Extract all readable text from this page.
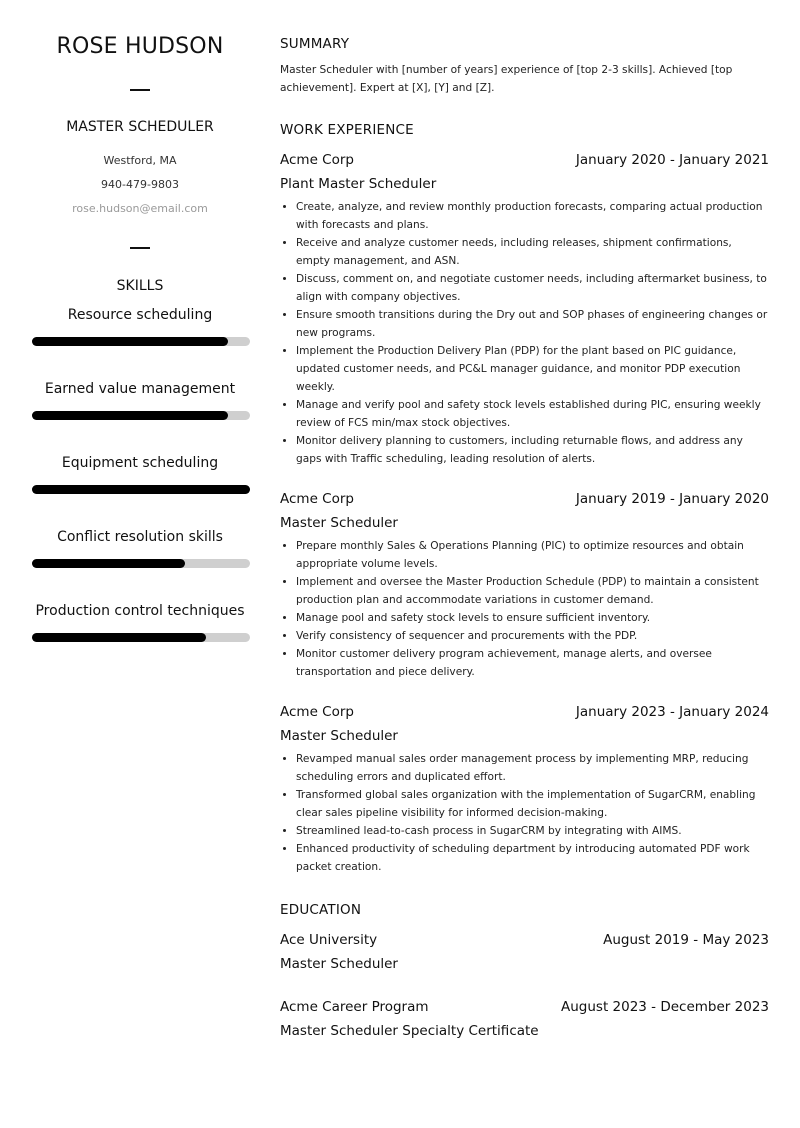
ROSE HUDSON
MASTER SCHEDULER
Westford, MA
940-479-9803
rose.hudson@email.com
SKILLS
Resource scheduling
Earned value management
Equipment scheduling
Conflict resolution skills
Production control techniques
SUMMARY
Master Scheduler with [number of years] experience of [top 2-3 skills]. Achieved [top achievement]. Expert at [X], [Y] and [Z].
WORK EXPERIENCE
Acme Corp	January 2020 - January 2021
Plant Master Scheduler
• Create, analyze, and review monthly production forecasts, comparing actual production with forecasts and plans.
• Receive and analyze customer needs, including releases, shipment confirmations, empty management, and ASN.
• Discuss, comment on, and negotiate customer needs, including aftermarket business, to align with company objectives.
• Ensure smooth transitions during the Dry out and SOP phases of engineering changes or new programs.
• Implement the Production Delivery Plan (PDP) for the plant based on PIC guidance, updated customer needs, and PC&L manager guidance, and monitor PDP execution weekly.
• Manage and verify pool and safety stock levels established during PIC, ensuring weekly review of FCS min/max stock objectives.
• Monitor delivery planning to customers, including returnable flows, and address any gaps with Traffic scheduling, leading resolution of alerts.
Acme Corp	January 2019 - January 2020
Master Scheduler
• Prepare monthly Sales & Operations Planning (PIC) to optimize resources and obtain appropriate volume levels.
• Implement and oversee the Master Production Schedule (PDP) to maintain a consistent production plan and accommodate variations in customer demand.
• Manage pool and safety stock levels to ensure sufficient inventory.
• Verify consistency of sequencer and procurements with the PDP.
• Monitor customer delivery program achievement, manage alerts, and oversee transportation and piece delivery.
Acme Corp	January 2023 - January 2024
Master Scheduler
• Revamped manual sales order management process by implementing MRP, reducing scheduling errors and duplicated effort.
• Transformed global sales organization with the implementation of SugarCRM, enabling clear sales pipeline visibility for informed decision-making.
• Streamlined lead-to-cash process in SugarCRM by integrating with AIMS.
• Enhanced productivity of scheduling department by introducing automated PDF work packet creation.
EDUCATION
Ace University	August 2019 - May 2023
Master Scheduler
Acme Career Program	August 2023 - December 2023
Master Scheduler Specialty Certificate
